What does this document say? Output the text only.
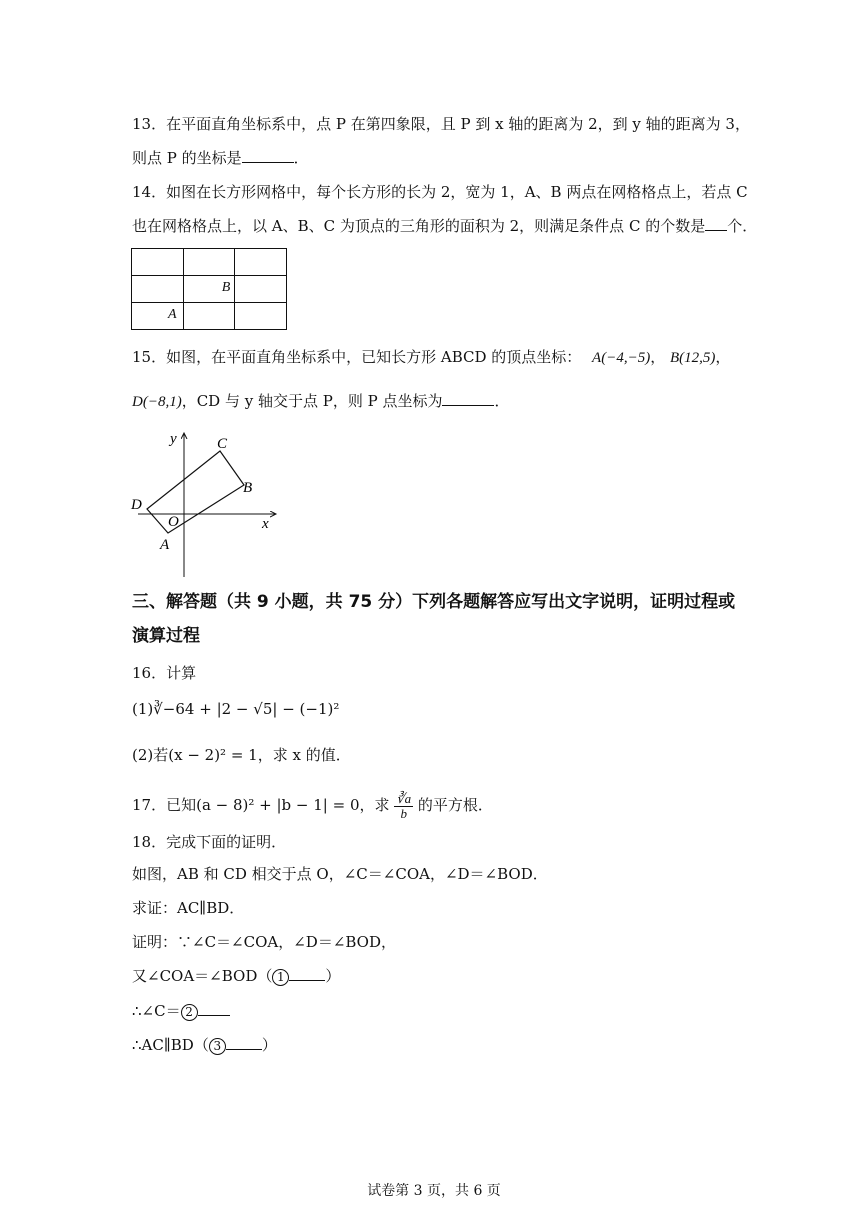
13．在平面直角坐标系中，点 P 在第四象限，且 P 到 x 轴的距离为 2，到 y 轴的距离为 3，
则点 P 的坐标是	．
14．如图在长方形网格中，每个长方形的长为 2，宽为 1，A、B 两点在网格格点上，若点 C
也在网格格点上，以 A、B、C 为顶点的三角形的面积为 2，则满足条件点 C 的个数是 个．

	B	

A		

15．如图，在平面直角坐标系中，已知长方形 ABCD 的顶点坐标： A(−4,−5)， B(12,5)，
D(−8,1)，CD 与 y 轴交于点 P，则 P 点坐标为	．
y
x
O
A
B
C
D
三、解答题（共 9 小题，共 75 分）下列各题解答应写出文字说明，证明过程或
演算过程
16．计算
(1)∛−64 + |2 − √5| − (−1)²
(2)若(x − 2)² = 1，求 x 的值．
17．已知(a − 8)² + |b − 1| = 0，求 $\frac{∛a}{b}$ 的平方根．
18．完成下面的证明．
如图，AB 和 CD 相交于点 O，∠C＝∠COA，∠D＝∠BOD．
求证：AC∥BD．
证明：∵∠C＝∠COA，∠D＝∠BOD，
又∠COA＝∠BOD（ 1	）
∴∠C＝ 2
∴AC∥BD（ 3	）
试卷第 3 页，共 6 页
